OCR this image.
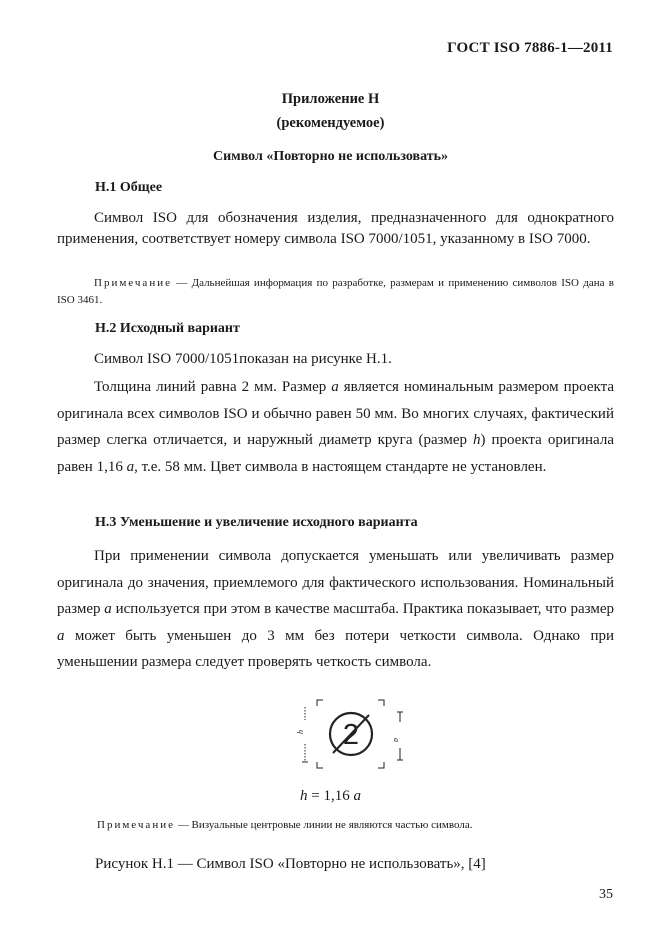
ГОСТ ISO 7886-1—2011
Приложение Н
(рекомендуемое)
Символ «Повторно не использовать»
Н.1 Общее
Символ ISO для обозначения изделия, предназначенного для однократного применения, соответствует номеру символа ISO 7000/1051, указанному в ISO 7000.
Примечание — Дальнейшая информация по разработке, размерам и применению символов ISO дана в ISO 3461.
Н.2 Исходный вариант
Символ ISO 7000/1051показан на рисунке Н.1.
Толщина линий равна 2 мм. Размер a является номинальным размером проекта оригинала всех символов ISO и обычно равен 50 мм. Во многих случаях, фактический размер слегка отличается, и наружный диаметр круга (размер h) проекта оригинала равен 1,16 a, т.е. 58 мм. Цвет символа в настоящем стандарте не установлен.
Н.3 Уменьшение и увеличение исходного варианта
При применении символа допускается уменьшать или увеличивать размер оригинала до значения, приемлемого для фактического использования. Номинальный размер a используется при этом в качестве масштаба. Практика показывает, что размер a может быть уменьшен до 3 мм без потери четкости символа. Однако при уменьшении размера следует проверять четкость символа.
2
h
a
h = 1,16 a
Примечание — Визуальные центровые линии не являются частью символа.
Рисунок Н.1 — Символ ISO «Повторно не использовать», [4]
35
